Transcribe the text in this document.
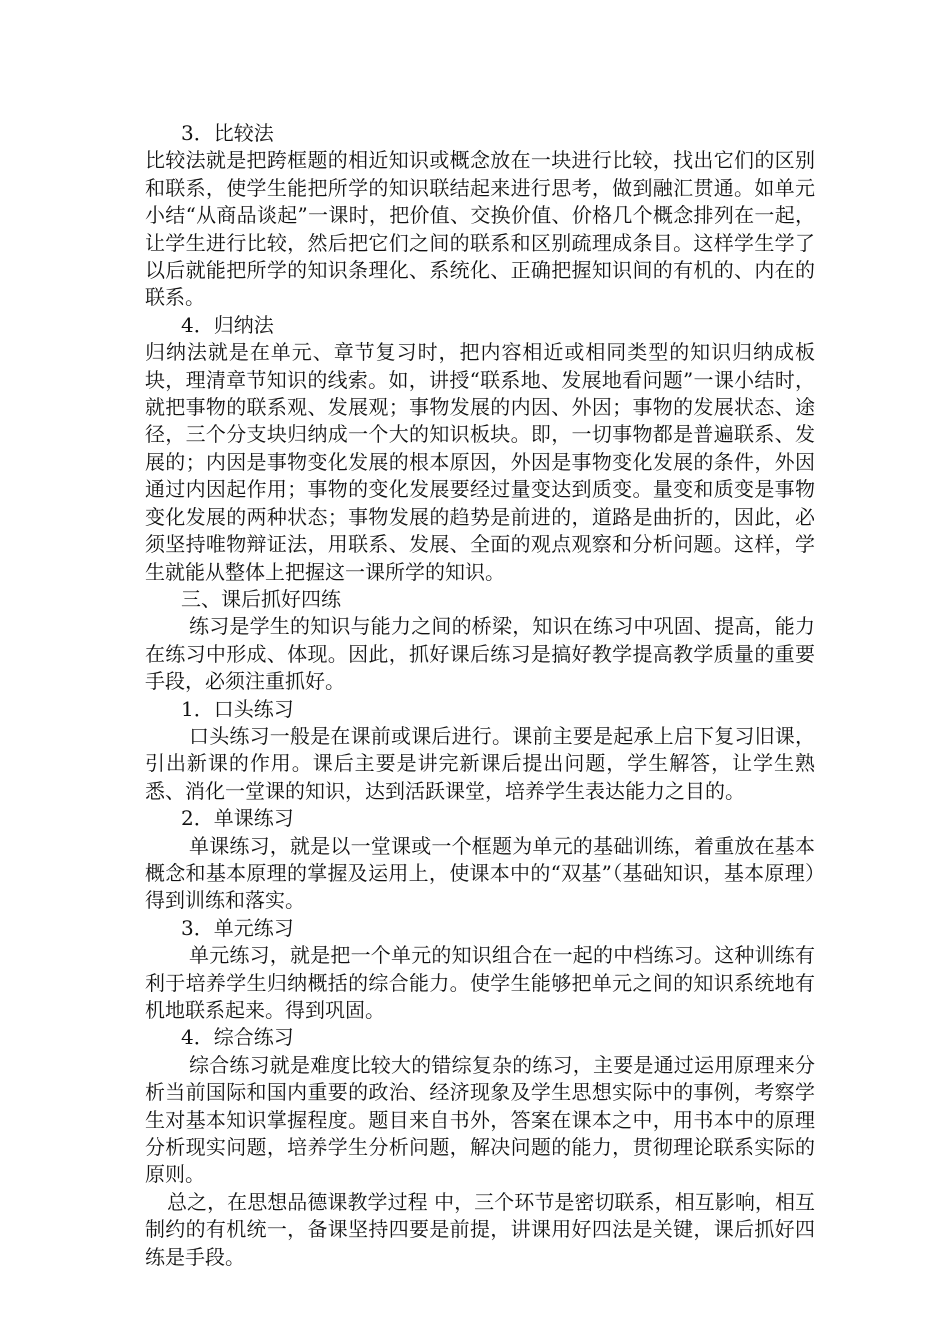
3．比较法

比较法就是把跨框题的相近知识或概念放在一块进行比较，找出它们的区别和联系，使学生能把所学的知识联结起来进行思考，做到融汇贯通。如单元小结“从商品谈起”一课时，把价值、交换价值、价格几个概念排列在一起，让学生进行比较，然后把它们之间的联系和区别疏理成条目。这样学生学了以后就能把所学的知识条理化、系统化、正确把握知识间的有机的、内在的联系。

4．归纳法

归纳法就是在单元、章节复习时，把内容相近或相同类型的知识归纳成板块，理清章节知识的线索。如，讲授“联系地、发展地看问题”一课小结时，就把事物的联系观、发展观；事物发展的内因、外因；事物的发展状态、途径，三个分支块归纳成一个大的知识板块。即，一切事物都是普遍联系、发展的；内因是事物变化发展的根本原因，外因是事物变化发展的条件，外因通过内因起作用；事物的变化发展要经过量变达到质变。量变和质变是事物变化发展的两种状态；事物发展的趋势是前进的，道路是曲折的，因此，必须坚持唯物辩证法，用联系、发展、全面的观点观察和分析问题。这样，学生就能从整体上把握这一课所学的知识。

三、课后抓好四练

练习是学生的知识与能力之间的桥梁，知识在练习中巩固、提高，能力在练习中形成、体现。因此，抓好课后练习是搞好教学提高教学质量的重要手段，必须注重抓好。

1．口头练习

口头练习一般是在课前或课后进行。课前主要是起承上启下复习旧课，引出新课的作用。课后主要是讲完新课后提出问题，学生解答，让学生熟悉、消化一堂课的知识，达到活跃课堂，培养学生表达能力之目的。

2．单课练习

单课练习，就是以一堂课或一个框题为单元的基础训练，着重放在基本概念和基本原理的掌握及运用上，使课本中的“双基”（基础知识，基本原理）得到训练和落实。

3．单元练习

单元练习，就是把一个单元的知识组合在一起的中档练习。这种训练有利于培养学生归纳概括的综合能力。使学生能够把单元之间的知识系统地有机地联系起来。得到巩固。

4．综合练习

综合练习就是难度比较大的错综复杂的练习，主要是通过运用原理来分析当前国际和国内重要的政治、经济现象及学生思想实际中的事例，考察学生对基本知识掌握程度。题目来自书外，答案在课本之中，用书本中的原理分析现实问题，培养学生分析问题，解决问题的能力，贯彻理论联系实际的原则。

总之，在思想品德课教学过程 中，三个环节是密切联系，相互影响，相互制约的有机统一，备课坚持四要是前提，讲课用好四法是关键，课后抓好四练是手段。
